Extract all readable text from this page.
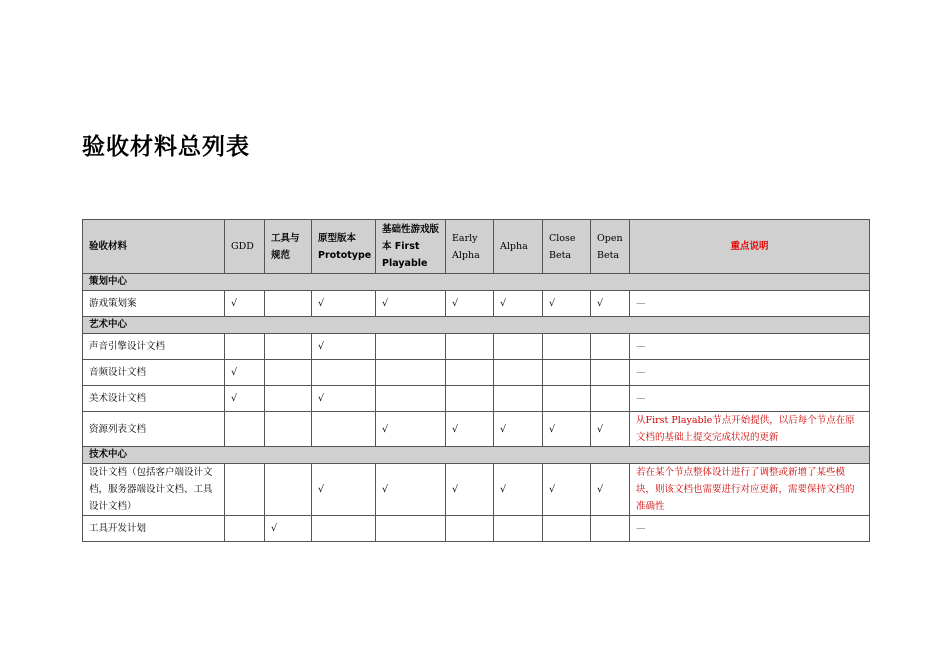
验收材料总列表
验收材料	GDD	工具与规范	原型版本 Prototype	基础性游戏版本 First Playable	Early Alpha	Alpha	Close Beta	Open Beta	重点说明
策划中心									
游戏策划案	√		√	√	√	√	√	√	—
艺术中心									
声音引擎设计文档			√						—
音频设计文档	√								—
美术设计文档	√		√						—
资源列表文档				√	√	√	√	√	从First Playable节点开始提供，以后每个节点在原文档的基础上提交完成状况的更新
技术中心									
设计文档（包括客户端设计文档，服务器端设计文档、工具设计文档）			√	√	√	√	√	√	若在某个节点整体设计进行了调整或新增了某些模块，则该文档也需要进行对应更新，需要保持文档的准确性
工具开发计划		√							—
